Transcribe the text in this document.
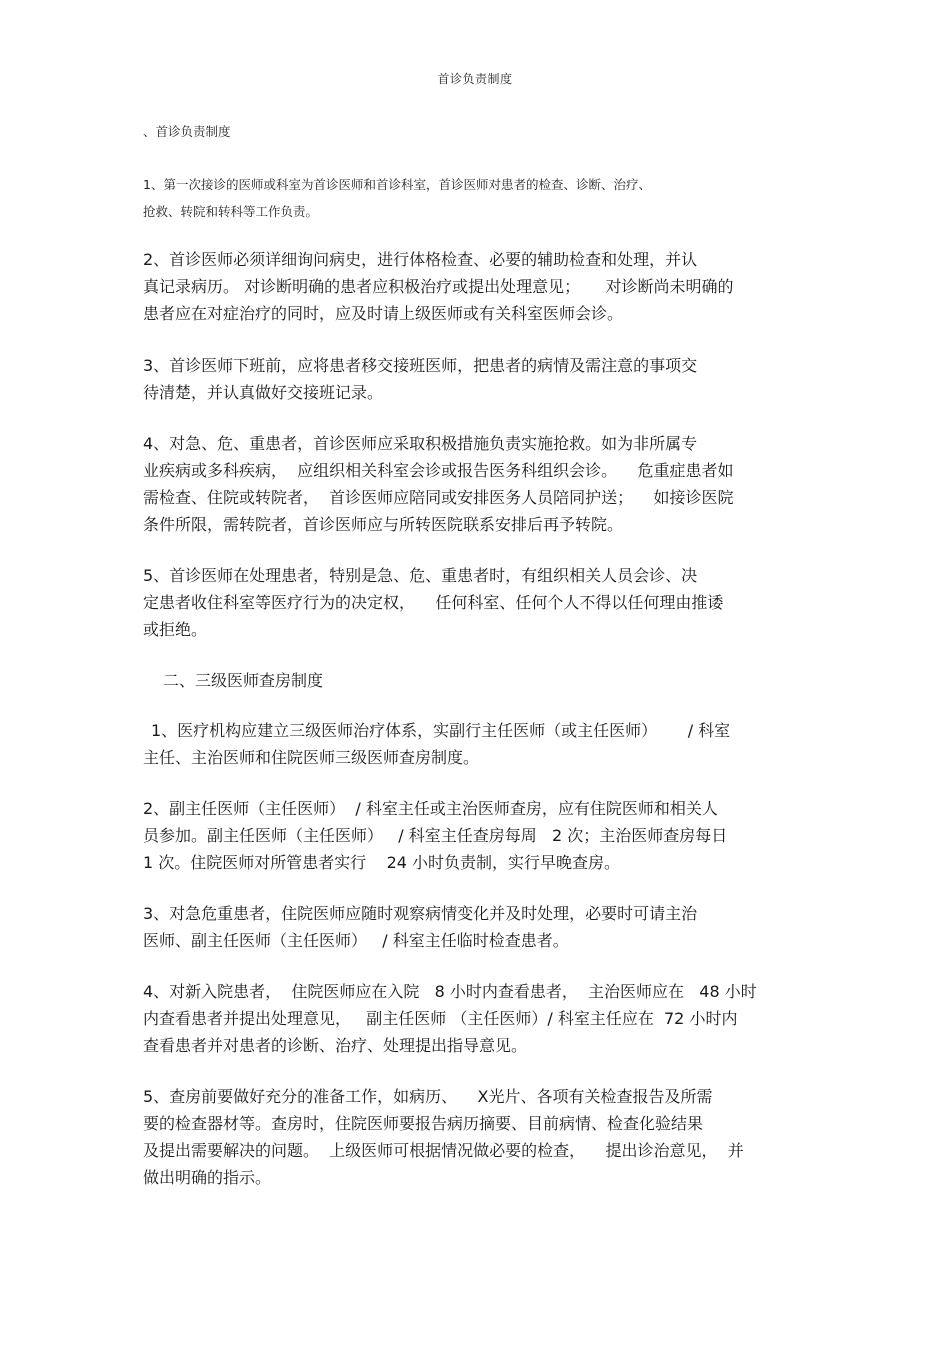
首诊负责制度
、首诊负责制度
1、第一次接诊的医师或科室为首诊医师和首诊科室，首诊医师对患者的检查、诊断、治疗、
抢救、转院和转科等工作负责。
2、首诊医师必须详细询问病史，进行体格检查、必要的辅助检查和处理，并认
真记录病历。 对诊断明确的患者应积极治疗或提出处理意见；     对诊断尚未明确的
患者应在对症治疗的同时，应及时请上级医师或有关科室医师会诊。
3、首诊医师下班前，应将患者移交接班医师，把患者的病情及需注意的事项交
待清楚，并认真做好交接班记录。
4、对急、危、重患者，首诊医师应采取积极措施负责实施抢救。如为非所属专
业疾病或多科疾病，  应组织相关科室会诊或报告医务科组织会诊。    危重症患者如
需检查、住院或转院者，  首诊医师应陪同或安排医务人员陪同护送；    如接诊医院
条件所限，需转院者，首诊医师应与所转医院联系安排后再予转院。
5、首诊医师在处理患者，特别是急、危、重患者时，有组织相关人员会诊、决
定患者收住科室等医疗行为的决定权，    任何科室、任何个人不得以任何理由推诿
或拒绝。
二、三级医师查房制度
1、医疗机构应建立三级医师治疗体系，实副行主任医师（或主任医师）      / 科室
主任、主治医师和住院医师三级医师查房制度。
2、副主任医师（主任医师）  / 科室主任或主治医师查房，应有住院医师和相关人
员参加。副主任医师（主任医师）   / 科室主任查房每周   2 次；主治医师查房每日
1 次。住院医师对所管患者实行    24 小时负责制，实行早晚查房。
3、对急危重患者，住院医师应随时观察病情变化并及时处理，必要时可请主治
医师、副主任医师（主任医师）   / 科室主任临时检查患者。
4、对新入院患者，  住院医师应在入院   8 小时内查看患者，  主治医师应在   48 小时
内查看患者并提出处理意见，   副主任医师 （主任医师）/ 科室主任应在  72 小时内
查看患者并对患者的诊断、治疗、处理提出指导意见。
5、查房前要做好充分的准备工作，如病历、    X光片、各项有关检查报告及所需
要的检查器材等。查房时，住院医师要报告病历摘要、目前病情、检查化验结果
及提出需要解决的问题。  上级医师可根据情况做必要的检查，    提出诊治意见，  并
做出明确的指示。
